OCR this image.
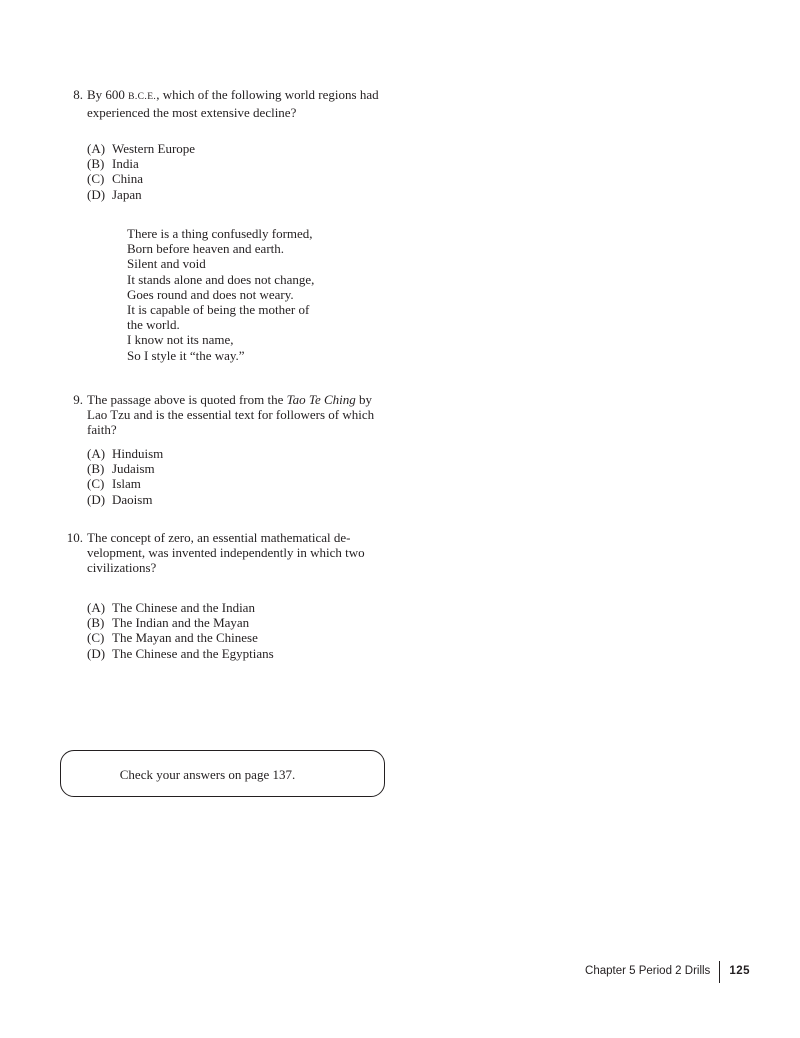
8. By 600 B.C.E., which of the following world regions had experienced the most extensive decline?
(A) Western Europe
(B) India
(C) China
(D) Japan
There is a thing confusedly formed,
Born before heaven and earth.
Silent and void
It stands alone and does not change,
Goes round and does not weary.
It is capable of being the mother of
the world.
I know not its name,
So I style it “the way.”
9. The passage above is quoted from the Tao Te Ching by Lao Tzu and is the essential text for followers of which faith?
(A) Hinduism
(B) Judaism
(C) Islam
(D) Daoism
10. The concept of zero, an essential mathematical de-velopment, was invented independently in which two civilizations?
(A) The Chinese and the Indian
(B) The Indian and the Mayan
(C) The Mayan and the Chinese
(D) The Chinese and the Egyptians
Check your answers on page 137.
Chapter 5 Period 2 Drills 125
